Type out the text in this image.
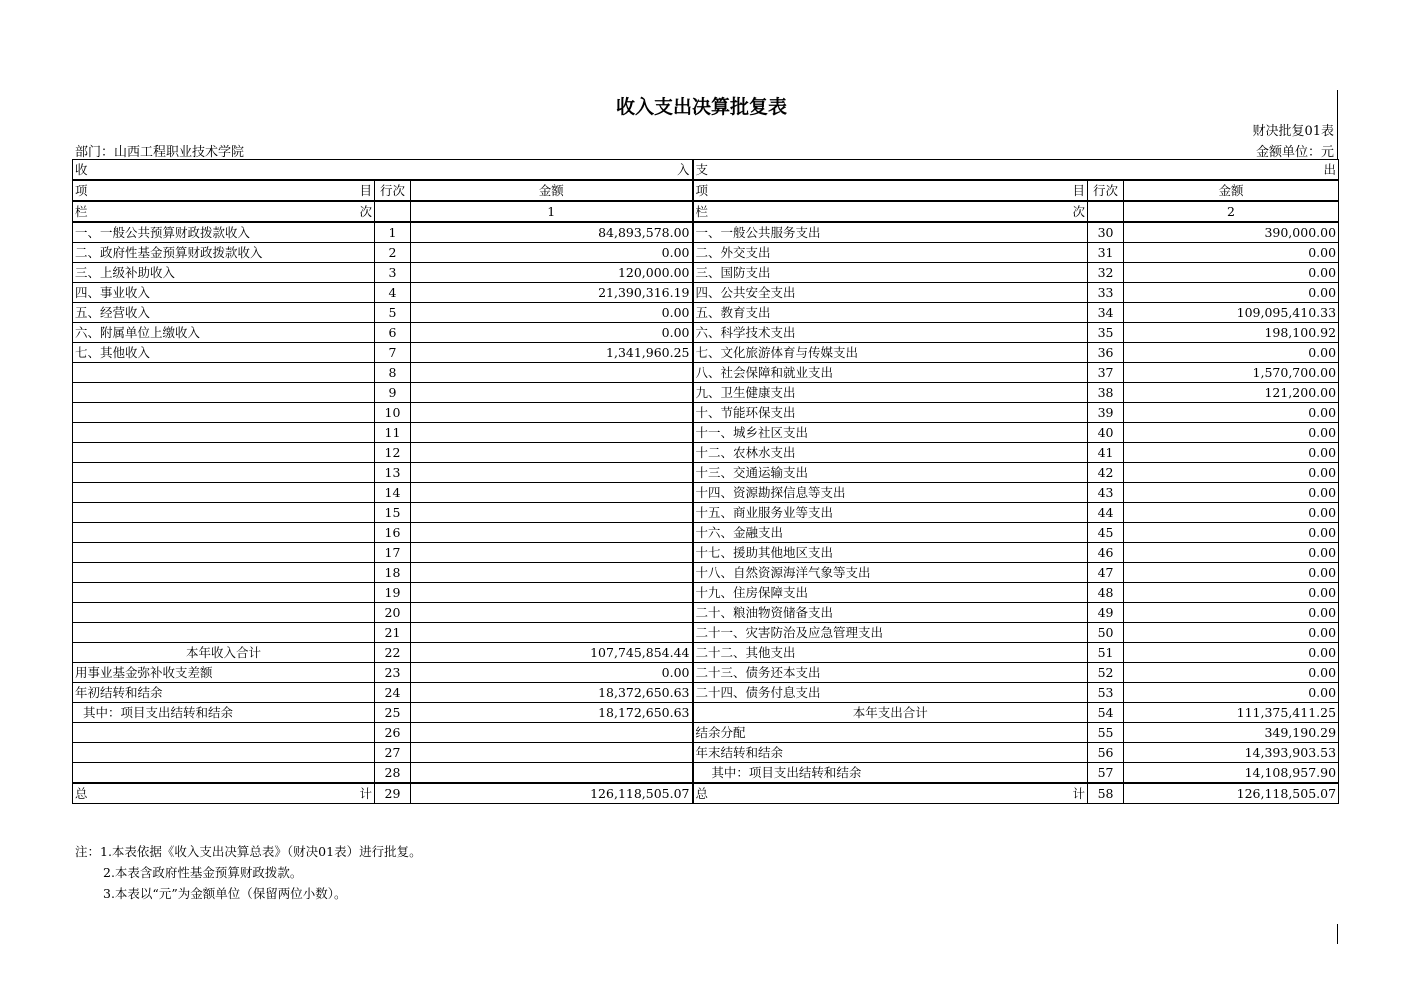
收入支出决算批复表
财决批复01表
部门：山西工程职业技术学院	金额单位：元
收 入			支 出		

项 目	行次	金额	项 目	行次	金额

栏 次		1	栏 次		2
一、一般公共预算财政拨款收入	1	84,893,578.00	一、一般公共服务支出	30	390,000.00
二、政府性基金预算财政拨款收入	2	0.00	二、外交支出	31	0.00
三、上级补助收入	3	120,000.00	三、国防支出	32	0.00
四、事业收入	4	21,390,316.19	四、公共安全支出	33	0.00
五、经营收入	5	0.00	五、教育支出	34	109,095,410.33
六、附属单位上缴收入	6	0.00	六、科学技术支出	35	198,100.92
七、其他收入	7	1,341,960.25	七、文化旅游体育与传媒支出	36	0.00
	8		八、社会保障和就业支出	37	1,570,700.00
	9		九、卫生健康支出	38	121,200.00
	10		十、节能环保支出	39	0.00
	11		十一、城乡社区支出	40	0.00
	12		十二、农林水支出	41	0.00
	13		十三、交通运输支出	42	0.00
	14		十四、资源勘探信息等支出	43	0.00
	15		十五、商业服务业等支出	44	0.00
	16		十六、金融支出	45	0.00
	17		十七、援助其他地区支出	46	0.00
	18		十八、自然资源海洋气象等支出	47	0.00
	19		十九、住房保障支出	48	0.00
	20		二十、粮油物资储备支出	49	0.00
	21		二十一、灾害防治及应急管理支出	50	0.00
本年收入合计	22	107,745,854.44	二十二、其他支出	51	0.00
用事业基金弥补收支差额	23	0.00	二十三、债务还本支出	52	0.00
年初结转和结余	24	18,372,650.63	二十四、债务付息支出	53	0.00
其中：项目支出结转和结余	25	18,172,650.63	本年支出合计	54	111,375,411.25
	26		结余分配	55	349,190.29
	27		年末结转和结余	56	14,393,903.53
	28		其中：项目支出结转和结余	57	14,108,957.90

总 计	29	126,118,505.07	总 计	58	126,118,505.07
注：1.本表依据《收入支出决算总表》（财决01表）进行批复。
2.本表含政府性基金预算财政拨款。
3.本表以“元”为金额单位（保留两位小数）。
